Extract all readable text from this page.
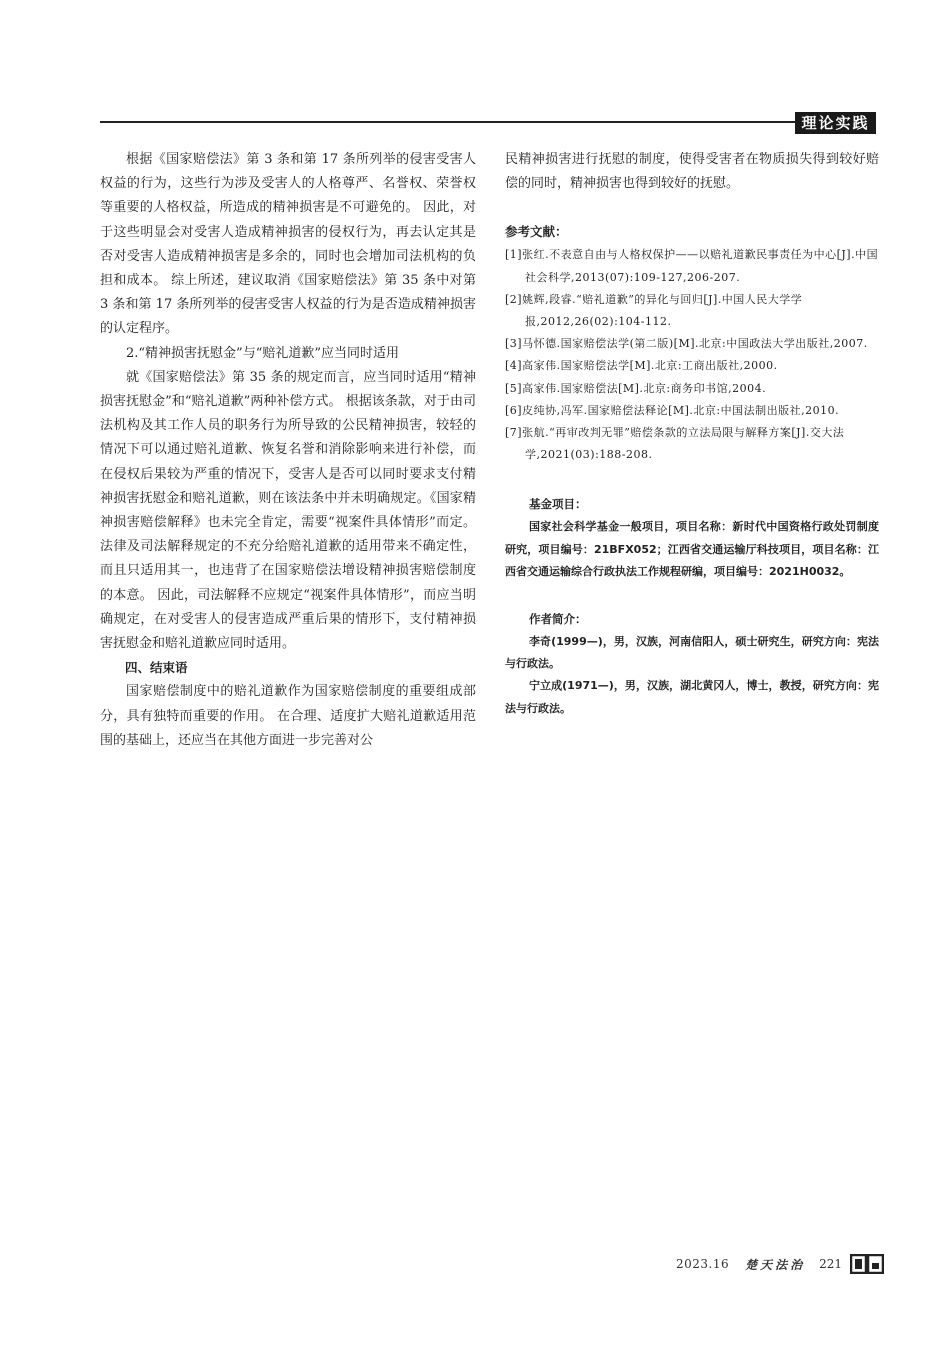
理论实践

根据《国家赔偿法》第 3 条和第 17 条所列举的侵害受害人权益的行为，这些行为涉及受害人的人格尊严、名誉权、荣誉权等重要的人格权益，所造成的精神损害是不可避免的。 因此，对于这些明显会对受害人造成精神损害的侵权行为，再去认定其是否对受害人造成精神损害是多余的，同时也会增加司法机构的负担和成本。 综上所述，建议取消《国家赔偿法》第 35 条中对第 3 条和第 17 条所列举的侵害受害人权益的行为是否造成精神损害的认定程序。

2.“精神损害抚慰金”与“赔礼道歉”应当同时适用

就《国家赔偿法》第 35 条的规定而言，应当同时适用“精神损害抚慰金”和“赔礼道歉”两种补偿方式。 根据该条款，对于由司法机构及其工作人员的职务行为所导致的公民精神损害，较轻的情况下可以通过赔礼道歉、恢复名誉和消除影响来进行补偿，而在侵权后果较为严重的情况下，受害人是否可以同时要求支付精神损害抚慰金和赔礼道歉，则在该法条中并未明确规定。《国家精神损害赔偿解释》也未完全肯定，需要“视案件具体情形”而定。 法律及司法解释规定的不充分给赔礼道歉的适用带来不确定性，而且只适用其一，也违背了在国家赔偿法增设精神损害赔偿制度的本意。 因此，司法解释不应规定“视案件具体情形”，而应当明确规定，在对受害人的侵害造成严重后果的情形下，支付精神损害抚慰金和赔礼道歉应同时适用。

四、结束语

国家赔偿制度中的赔礼道歉作为国家赔偿制度的重要组成部分，具有独特而重要的作用。 在合理、适度扩大赔礼道歉适用范围的基础上，还应当在其他方面进一步完善对公

民精神损害进行抚慰的制度，使得受害者在物质损失得到较好赔偿的同时，精神损害也得到较好的抚慰。

参考文献：

[1]张红.不表意自由与人格权保护——以赔礼道歉民事责任为中心[J].中国社会科学,2013(07):109-127,206-207.

[2]姚辉,段睿.“赔礼道歉”的异化与回归[J].中国人民大学学报,2012,26(02):104-112.

[3]马怀德.国家赔偿法学(第二版)[M].北京:中国政法大学出版社,2007.

[4]高家伟.国家赔偿法学[M].北京:工商出版社,2000.

[5]高家伟.国家赔偿法[M].北京:商务印书馆,2004.

[6]皮纯协,冯军.国家赔偿法释论[M].北京:中国法制出版社,2010.

[7]张航.“再审改判无罪”赔偿条款的立法局限与解释方案[J].交大法学,2021(03):188-208.

基金项目：

国家社会科学基金一般项目，项目名称：新时代中国资格行政处罚制度研究，项目编号：21BFX052；江西省交通运输厅科技项目，项目名称：江西省交通运输综合行政执法工作规程研编，项目编号：2021H0032。

作者简介：

李奇(1999—)，男，汉族，河南信阳人，硕士研究生，研究方向：宪法与行政法。

宁立成(1971—)，男，汉族，湖北黄冈人，博士，教授，研究方向：宪法与行政法。

2023.16 楚天法治 221
